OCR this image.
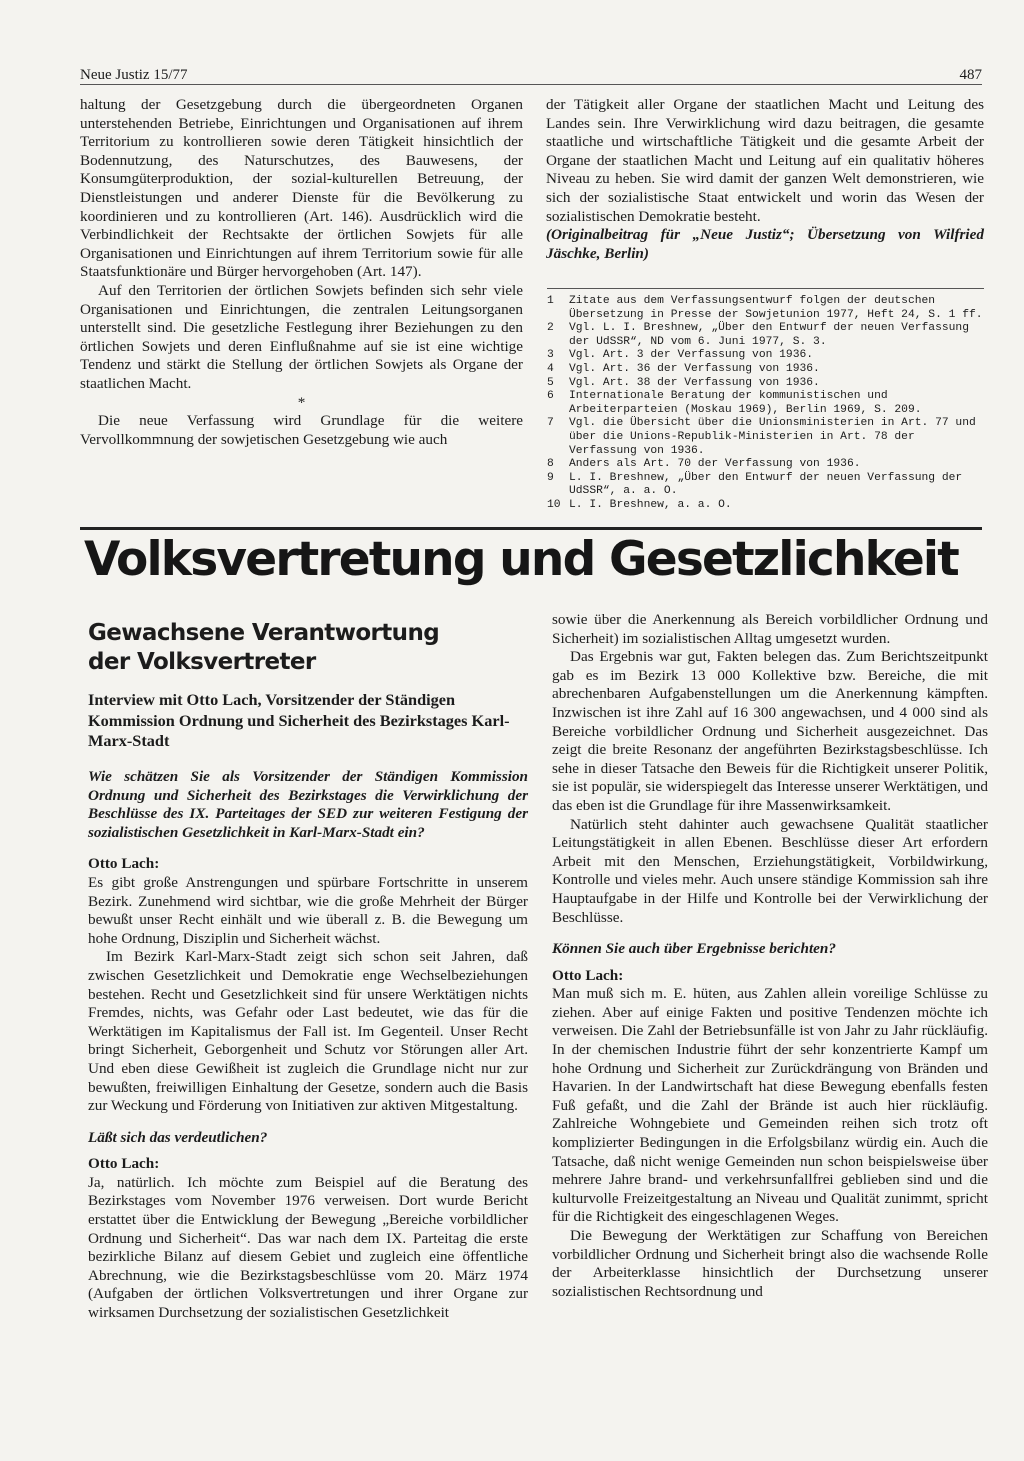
Neue Justiz 15/77	487

haltung der Gesetzgebung durch die übergeordneten Organen unterstehenden Betriebe, Einrichtungen und Organisationen auf ihrem Territorium zu kontrollieren sowie deren Tätigkeit hinsichtlich der Bodennutzung, des Naturschutzes, des Bauwesens, der Konsumgüterproduktion, der sozial-kulturellen Betreuung, der Dienstleistungen und anderer Dienste für die Bevölkerung zu koordinieren und zu kontrollieren (Art. 146). Ausdrücklich wird die Verbindlichkeit der Rechtsakte der örtlichen Sowjets für alle Organisationen und Einrichtungen auf ihrem Territorium sowie für alle Staatsfunktionäre und Bürger hervorgehoben (Art. 147).

Auf den Territorien der örtlichen Sowjets befinden sich sehr viele Organisationen und Einrichtungen, die zentralen Leitungsorganen unterstellt sind. Die gesetzliche Festlegung ihrer Beziehungen zu den örtlichen Sowjets und deren Einflußnahme auf sie ist eine wichtige Tendenz und stärkt die Stellung der örtlichen Sowjets als Organe der staatlichen Macht.

*

Die neue Verfassung wird Grundlage für die weitere Vervollkommnung der sowjetischen Gesetzgebung wie auch

der Tätigkeit aller Organe der staatlichen Macht und Leitung des Landes sein. Ihre Verwirklichung wird dazu beitragen, die gesamte staatliche und wirtschaftliche Tätigkeit und die gesamte Arbeit der Organe der staatlichen Macht und Leitung auf ein qualitativ höheres Niveau zu heben. Sie wird damit der ganzen Welt demonstrieren, wie sich der sozialistische Staat entwickelt und worin das Wesen der sozialistischen Demokratie besteht.

(Originalbeitrag für „Neue Justiz“; Übersetzung von Wilfried Jäschke, Berlin)

1	Zitate aus dem Verfassungsentwurf folgen der deutschen Übersetzung in Presse der Sowjetunion 1977, Heft 24, S. 1 ff.
2	Vgl. L. I. Breshnew, „Über den Entwurf der neuen Verfassung der UdSSR“, ND vom 6. Juni 1977, S. 3.
3	Vgl. Art. 3 der Verfassung von 1936.
4	Vgl. Art. 36 der Verfassung von 1936.
5	Vgl. Art. 38 der Verfassung von 1936.
6	Internationale Beratung der kommunistischen und Arbeiterparteien (Moskau 1969), Berlin 1969, S. 209.
7	Vgl. die Übersicht über die Unionsministerien in Art. 77 und über die Unions-Republik-Ministerien in Art. 78 der Verfassung von 1936.
8	Anders als Art. 70 der Verfassung von 1936.
9	L. I. Breshnew, „Über den Entwurf der neuen Verfassung der UdSSR“, a. a. O.
10 L. I. Breshnew, a. a. O.
Volksvertretung und Gesetzlichkeit
Gewachsene Verantwortung
der Volksvertreter
Interview mit Otto Lach, Vorsitzender der Ständigen Kommission Ordnung und Sicherheit des Bezirkstages Karl-Marx-Stadt

Wie schätzen Sie als Vorsitzender der Ständigen Kommission Ordnung und Sicherheit des Bezirkstages die Verwirklichung der Beschlüsse des IX. Parteitages der SED zur weiteren Festigung der sozialistischen Gesetzlichkeit in Karl-Marx-Stadt ein?

Otto Lach:

Es gibt große Anstrengungen und spürbare Fortschritte in unserem Bezirk. Zunehmend wird sichtbar, wie die große Mehrheit der Bürger bewußt unser Recht einhält und wie überall z. B. die Bewegung um hohe Ordnung, Disziplin und Sicherheit wächst.

Im Bezirk Karl-Marx-Stadt zeigt sich schon seit Jahren, daß zwischen Gesetzlichkeit und Demokratie enge Wechselbeziehungen bestehen. Recht und Gesetzlichkeit sind für unsere Werktätigen nichts Fremdes, nichts, was Gefahr oder Last bedeutet, wie das für die Werktätigen im Kapitalismus der Fall ist. Im Gegenteil. Unser Recht bringt Sicherheit, Geborgenheit und Schutz vor Störungen aller Art. Und eben diese Gewißheit ist zugleich die Grundlage nicht nur zur bewußten, freiwilligen Einhaltung der Gesetze, sondern auch die Basis zur Weckung und Förderung von Initiativen zur aktiven Mitgestaltung.

Läßt sich das verdeutlichen?

Otto Lach:

Ja, natürlich. Ich möchte zum Beispiel auf die Beratung des Bezirkstages vom November 1976 verweisen. Dort wurde Bericht erstattet über die Entwicklung der Bewegung „Bereiche vorbildlicher Ordnung und Sicherheit“. Das war nach dem IX. Parteitag die erste bezirkliche Bilanz auf diesem Gebiet und zugleich eine öffentliche Abrechnung, wie die Bezirkstagsbeschlüsse vom 20. März 1974 (Aufgaben der örtlichen Volksvertretungen und ihrer Organe zur wirksamen Durchsetzung der sozialistischen Gesetzlichkeit

sowie über die Anerkennung als Bereich vorbildlicher Ordnung und Sicherheit) im sozialistischen Alltag umgesetzt wurden.

Das Ergebnis war gut, Fakten belegen das. Zum Berichtszeitpunkt gab es im Bezirk 13 000 Kollektive bzw. Bereiche, die mit abrechenbaren Aufgabenstellungen um die Anerkennung kämpften. Inzwischen ist ihre Zahl auf 16 300 angewachsen, und 4 000 sind als Bereiche vorbildlicher Ordnung und Sicherheit ausgezeichnet. Das zeigt die breite Resonanz der angeführten Bezirkstagsbeschlüsse. Ich sehe in dieser Tatsache den Beweis für die Richtigkeit unserer Politik, sie ist populär, sie widerspiegelt das Interesse unserer Werktätigen, und das eben ist die Grundlage für ihre Massenwirksamkeit.

Natürlich steht dahinter auch gewachsene Qualität staatlicher Leitungstätigkeit in allen Ebenen. Beschlüsse dieser Art erfordern Arbeit mit den Menschen, Erziehungstätigkeit, Vorbildwirkung, Kontrolle und vieles mehr. Auch unsere ständige Kommission sah ihre Hauptaufgabe in der Hilfe und Kontrolle bei der Verwirklichung der Beschlüsse.

Können Sie auch über Ergebnisse berichten?

Otto Lach:

Man muß sich m. E. hüten, aus Zahlen allein voreilige Schlüsse zu ziehen. Aber auf einige Fakten und positive Tendenzen möchte ich verweisen. Die Zahl der Betriebsunfälle ist von Jahr zu Jahr rückläufig. In der chemischen Industrie führt der sehr konzentrierte Kampf um hohe Ordnung und Sicherheit zur Zurückdrängung von Bränden und Havarien. In der Landwirtschaft hat diese Bewegung ebenfalls festen Fuß gefaßt, und die Zahl der Brände ist auch hier rückläufig. Zahlreiche Wohngebiete und Gemeinden reihen sich trotz oft komplizierter Bedingungen in die Erfolgsbilanz würdig ein. Auch die Tatsache, daß nicht wenige Gemeinden nun schon beispielsweise über mehrere Jahre brand- und verkehrsunfallfrei geblieben sind und die kulturvolle Freizeitgestaltung an Niveau und Qualität zunimmt, spricht für die Richtigkeit des eingeschlagenen Weges.

Die Bewegung der Werktätigen zur Schaffung von Bereichen vorbildlicher Ordnung und Sicherheit bringt also die wachsende Rolle der Arbeiterklasse hinsichtlich der Durchsetzung unserer sozialistischen Rechtsordnung und
